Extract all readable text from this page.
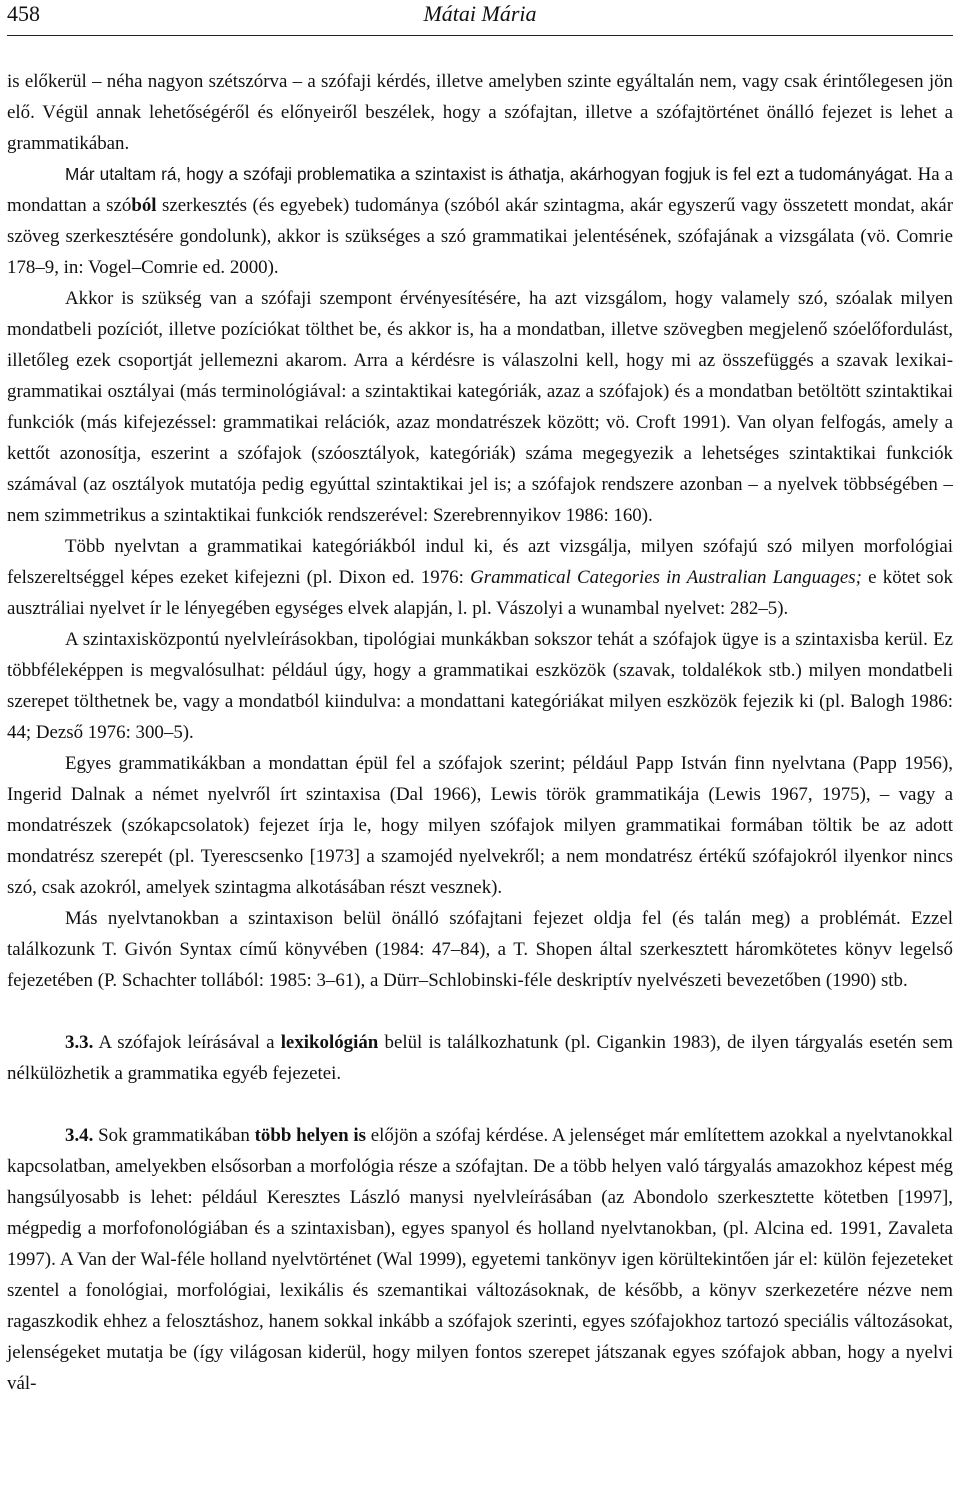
458	Mátai Mária

is előkerül – néha nagyon szétszórva – a szófaji kérdés, illetve amelyben szinte egyáltalán nem, vagy csak érintőlegesen jön elő. Végül annak lehetőségéről és előnyeiről beszélek, hogy a szófajtan, illetve a szófajtörténet önálló fejezet is lehet a grammatikában.

Már utaltam rá, hogy a szófaji problematika a szintaxist is áthatja, akárhogyan fogjuk is fel ezt a tudományágat. Ha a mondattan a szóból szerkesztés (és egyebek) tudománya (szóból akár szintagma, akár egyszerű vagy összetett mondat, akár szöveg szerkesztésére gondolunk), akkor is szükséges a szó grammatikai jelentésének, szófajának a vizsgálata (vö. Comrie 178–9, in: Vogel–Comrie ed. 2000).

Akkor is szükség van a szófaji szempont érvényesítésére, ha azt vizsgálom, hogy valamely szó, szóalak milyen mondatbeli pozíciót, illetve pozíciókat tölthet be, és akkor is, ha a mondatban, illetve szövegben megjelenő szóelőfordulást, illetőleg ezek csoportját jellemezni akarom. Arra a kérdésre is válaszolni kell, hogy mi az összefüggés a szavak lexikai-grammatikai osztályai (más terminológiával: a szintaktikai kategóriák, azaz a szófajok) és a mondatban betöltött szintaktikai funkciók (más kifejezéssel: grammatikai relációk, azaz mondatrészek között; vö. Croft 1991). Van olyan felfogás, amely a kettőt azonosítja, eszerint a szófajok (szóosztályok, kategóriák) száma megegyezik a lehetséges szintaktikai funkciók számával (az osztályok mutatója pedig egyúttal szintaktikai jel is; a szófajok rendszere azonban – a nyelvek többségében – nem szimmetrikus a szintaktikai funkciók rendszerével: Szerebrennyikov 1986: 160).

Több nyelvtan a grammatikai kategóriákból indul ki, és azt vizsgálja, milyen szófajú szó milyen morfológiai felszereltséggel képes ezeket kifejezni (pl. Dixon ed. 1976: Grammatical Categories in Australian Languages; e kötet sok ausztráliai nyelvet ír le lényegében egységes elvek alapján, l. pl. Vászolyi a wunambal nyelvet: 282–5).

A szintaxisközpontú nyelvleírásokban, tipológiai munkákban sokszor tehát a szófajok ügye is a szintaxisba kerül. Ez többféleképpen is megvalósulhat: például úgy, hogy a grammatikai eszközök (szavak, toldalékok stb.) milyen mondatbeli szerepet tölthetnek be, vagy a mondatból kiindulva: a mondattani kategóriákat milyen eszközök fejezik ki (pl. Balogh 1986: 44; Dezső 1976: 300–5).

Egyes grammatikákban a mondattan épül fel a szófajok szerint; például Papp István finn nyelvtana (Papp 1956), Ingerid Dalnak a német nyelvről írt szintaxisa (Dal 1966), Lewis török grammatikája (Lewis 1967, 1975), – vagy a mondatrészek (szókapcsolatok) fejezet írja le, hogy milyen szófajok milyen grammatikai formában töltik be az adott mondatrész szerepét (pl. Tyerescsenko [1973] a szamojéd nyelvekről; a nem mondatrész értékű szófajokról ilyenkor nincs szó, csak azokról, amelyek szintagma alkotásában részt vesznek).

Más nyelvtanokban a szintaxison belül önálló szófajtani fejezet oldja fel (és talán meg) a problémát. Ezzel találkozunk T. Givón Syntax című könyvében (1984: 47–84), a T. Shopen által szerkesztett háromkötetes könyv legelső fejezetében (P. Schachter tollából: 1985: 3–61), a Dürr–Schlobinski-féle deskriptív nyelvészeti bevezetőben (1990) stb.

3.3. A szófajok leírásával a lexikológián belül is találkozhatunk (pl. Cigankin 1983), de ilyen tárgyalás esetén sem nélkülözhetik a grammatika egyéb fejezetei.

3.4. Sok grammatikában több helyen is előjön a szófaj kérdése. A jelenséget már említettem azokkal a nyelvtanokkal kapcsolatban, amelyekben elsősorban a morfológia része a szófajtan. De a több helyen való tárgyalás amazokhoz képest még hangsúlyosabb is lehet: például Keresztes László manysi nyelvleírásában (az Abondolo szerkesztette kötetben [1997], mégpedig a morfofonológiában és a szintaxisban), egyes spanyol és holland nyelvtanokban, (pl. Alcina ed. 1991, Zavaleta 1997). A Van der Wal-féle holland nyelvtörténet (Wal 1999), egyetemi tankönyv igen körültekintően jár el: külön fejezeteket szentel a fonológiai, morfológiai, lexikális és szemantikai változásoknak, de később, a könyv szerkezetére nézve nem ragaszkodik ehhez a felosztáshoz, hanem sokkal inkább a szófajok szerinti, egyes szófajokhoz tartozó speciális változásokat, jelenségeket mutatja be (így világosan kiderül, hogy milyen fontos szerepet játszanak egyes szófajok abban, hogy a nyelvi vál-
